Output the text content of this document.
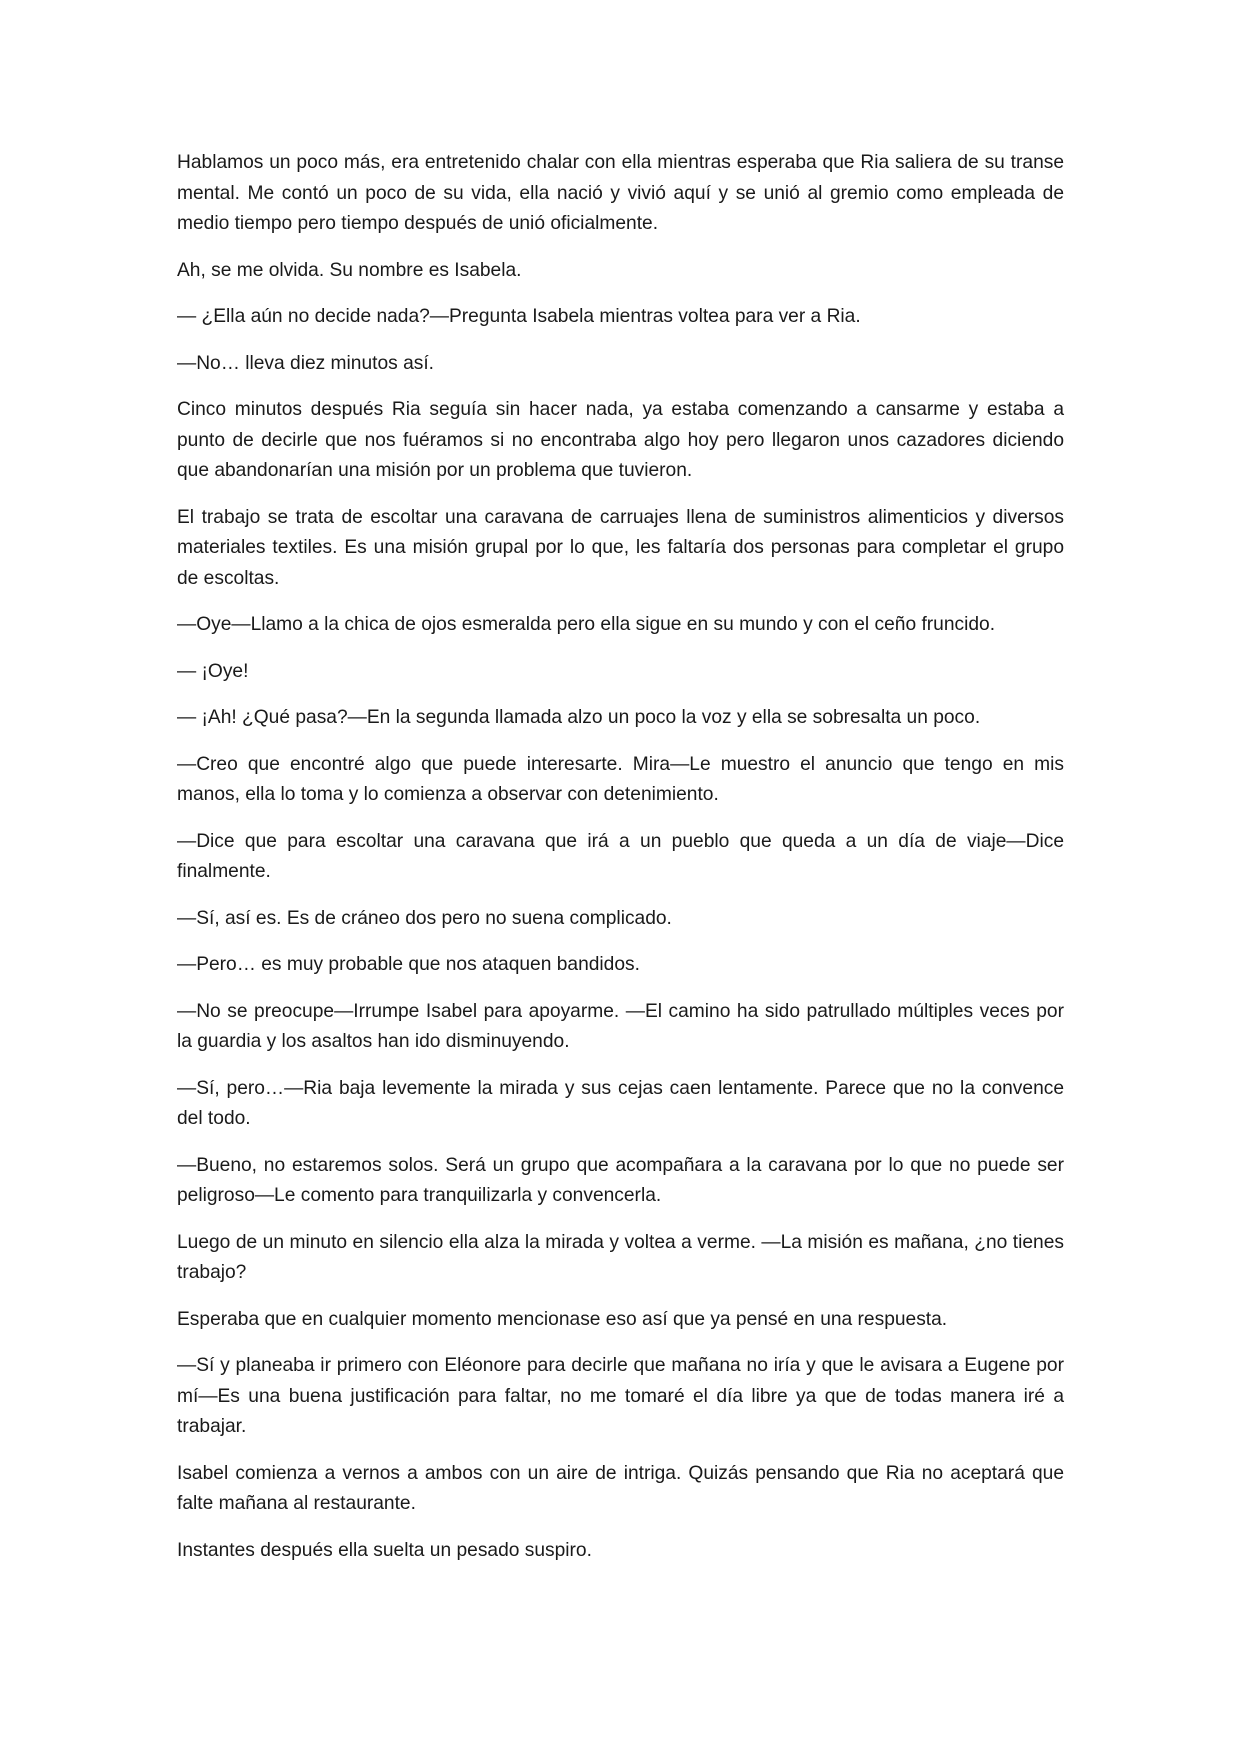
Hablamos un poco más, era entretenido chalar con ella mientras esperaba que Ria saliera de su transe mental. Me contó un poco de su vida, ella nació y vivió aquí y se unió al gremio como empleada de medio tiempo pero tiempo después de unió oficialmente.

Ah, se me olvida. Su nombre es Isabela.

— ¿Ella aún no decide nada?—Pregunta Isabela mientras voltea para ver a Ria.

—No… lleva diez minutos así.

Cinco minutos después Ria seguía sin hacer nada, ya estaba comenzando a cansarme y estaba a punto de decirle que nos fuéramos si no encontraba algo hoy pero llegaron unos cazadores diciendo que abandonarían una misión por un problema que tuvieron.

El trabajo se trata de escoltar una caravana de carruajes llena de suministros alimenticios y diversos materiales textiles. Es una misión grupal por lo que, les faltaría dos personas para completar el grupo de escoltas.

—Oye—Llamo a la chica de ojos esmeralda pero ella sigue en su mundo y con el ceño fruncido.

— ¡Oye!

— ¡Ah! ¿Qué pasa?—En la segunda llamada alzo un poco la voz y ella se sobresalta un poco.

—Creo que encontré algo que puede interesarte. Mira—Le muestro el anuncio que tengo en mis manos, ella lo toma y lo comienza a observar con detenimiento.

—Dice que para escoltar una caravana que irá a un pueblo que queda a un día de viaje—Dice finalmente.

—Sí, así es. Es de cráneo dos pero no suena complicado.

—Pero… es muy probable que nos ataquen bandidos.

—No se preocupe—Irrumpe Isabel para apoyarme. —El camino ha sido patrullado múltiples veces por la guardia y los asaltos han ido disminuyendo.

—Sí, pero…—Ria baja levemente la mirada y sus cejas caen lentamente. Parece que no la convence del todo.

—Bueno, no estaremos solos. Será un grupo que acompañara a la caravana por lo que no puede ser peligroso—Le comento para tranquilizarla y convencerla.

Luego de un minuto en silencio ella alza la mirada y voltea a verme. —La misión es mañana, ¿no tienes trabajo?

Esperaba que en cualquier momento mencionase eso así que ya pensé en una respuesta.

—Sí y planeaba ir primero con Eléonore para decirle que mañana no iría y que le avisara a Eugene por mí—Es una buena justificación para faltar, no me tomaré el día libre ya que de todas manera iré a trabajar.

Isabel comienza a vernos a ambos con un aire de intriga. Quizás pensando que Ria no aceptará que falte mañana al restaurante.

Instantes después ella suelta un pesado suspiro.
